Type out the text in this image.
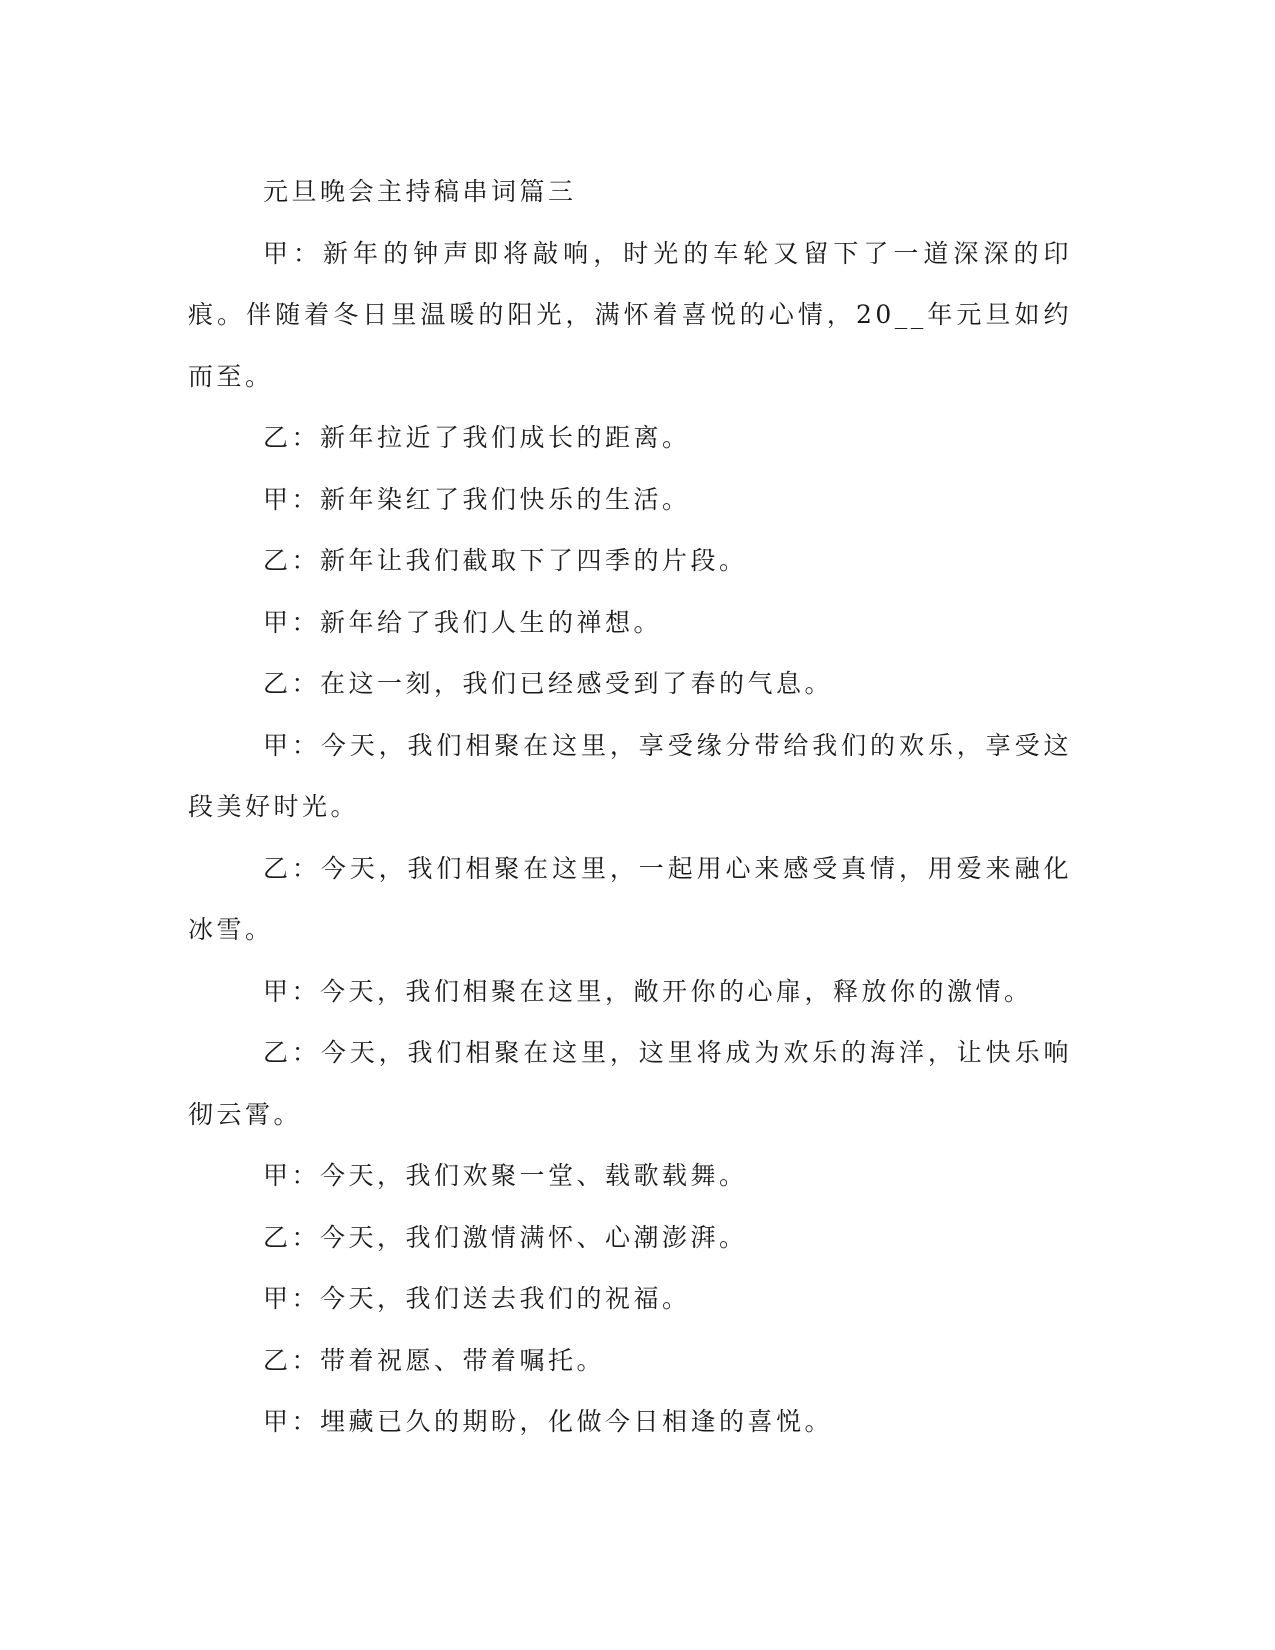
元旦晚会主持稿串词篇三

甲：新年的钟声即将敲响，时光的车轮又留下了一道深深的印痕。伴随着冬日里温暖的阳光，满怀着喜悦的心情，20__年元旦如约而至。

乙：新年拉近了我们成长的距离。

甲：新年染红了我们快乐的生活。

乙：新年让我们截取下了四季的片段。

甲：新年给了我们人生的禅想。

乙：在这一刻，我们已经感受到了春的气息。

甲：今天，我们相聚在这里，享受缘分带给我们的欢乐，享受这段美好时光。

乙：今天，我们相聚在这里，一起用心来感受真情，用爱来融化冰雪。

甲：今天，我们相聚在这里，敞开你的心扉，释放你的激情。

乙：今天，我们相聚在这里，这里将成为欢乐的海洋，让快乐响彻云霄。

甲：今天，我们欢聚一堂、载歌载舞。

乙：今天，我们激情满怀、心潮澎湃。

甲：今天，我们送去我们的祝福。

乙：带着祝愿、带着嘱托。

甲：埋藏已久的期盼，化做今日相逢的喜悦。
